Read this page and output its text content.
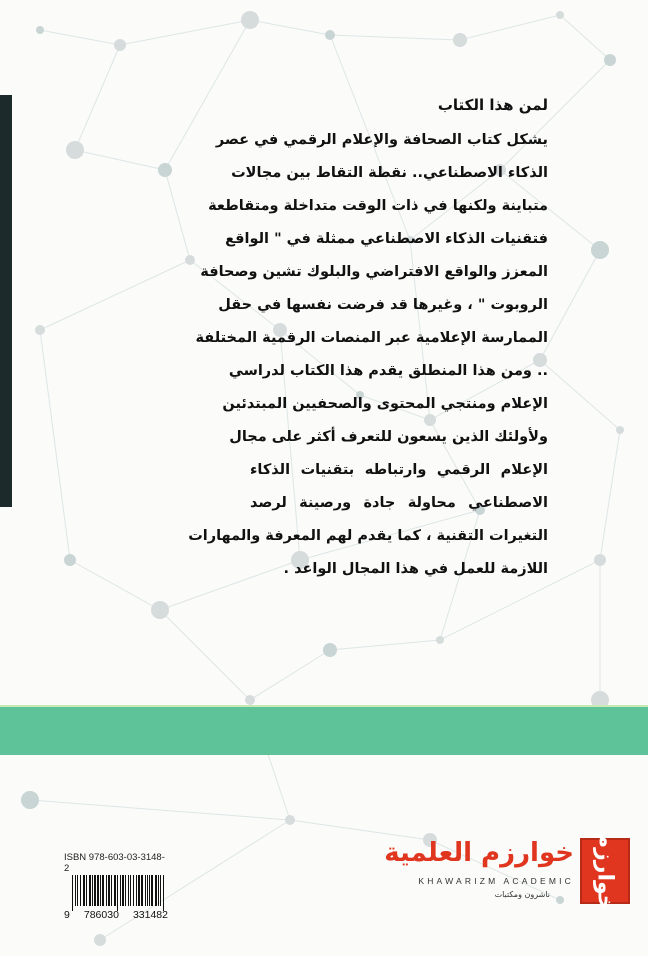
لمن هذا الكتاب
يشكل كتاب الصحافة والإعلام الرقمي في عصر
الذكاء الاصطناعي.. نقطة التقاط بين مجالات
متباينة ولكنها في ذات الوقت متداخلة ومتقاطعة
فتقنيات الذكاء الاصطناعي ممثلة في " الواقع
المعزز والواقع الافتراضي والبلوك تشين وصحافة
الروبوت " ، وغيرها قد فرضت نفسها في حقل
الممارسة الإعلامية عبر المنصات الرقمية المختلفة
.. ومن هذا المنطلق يقدم هذا الكتاب لدراسي
الإعلام ومنتجي المحتوى والصحفيين المبتدئين
ولأولئك الذين يسعون للتعرف أكثر على مجال
الإعلام الرقمي وارتباطه بتقنيات الذكاء
الاصطناعي محاولة جادة ورصينة لرصد
التغيرات التقنية ، كما يقدم لهم المعرفة والمهارات
اللازمة للعمل في هذا المجال الواعد .
ISBN 978-603-03-3148-2
9 786030 331482
خوارزم
خوارزم العلمية
KHAWARIZM ACADEMIC
ناشرون ومكتبات
